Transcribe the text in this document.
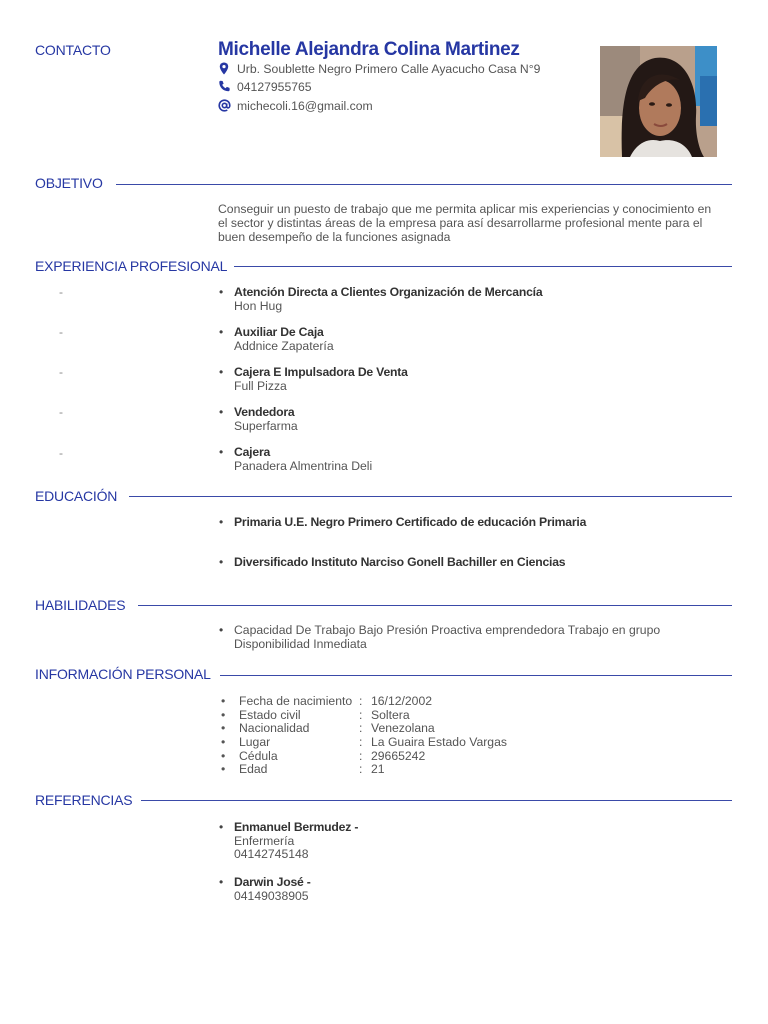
CONTACTO	Michelle Alejandra Colina Martinez
Urb. Soublette Negro Primero Calle Ayacucho Casa N°9
04127955765
michecoli.16@gmail.com
OBJETIVO
Conseguir un puesto de trabajo que me permita aplicar mis experiencias y conocimiento en
el sector y distintas áreas de la empresa para así desarrollarme profesional mente para el
buen desempeño de la funciones asignada
EXPERIENCIA PROFESIONAL
-	• Atención Directa a Clientes Organización de Mercancía
Hon Hug
-	• Auxiliar De Caja
Addnice Zapatería
-	• Cajera E Impulsadora De Venta
Full Pizza
-	• Vendedora
Superfarma
-	• Cajera
Panadera Almentrina Deli
EDUCACIÓN
• Primaria U.E. Negro Primero Certificado de educación Primaria
• Diversificado Instituto Narciso Gonell Bachiller en Ciencias
HABILIDADES
• Capacidad De Trabajo Bajo Presión Proactiva emprendedora Trabajo en grupo
Disponibilidad Inmediata
INFORMACIÓN PERSONAL
• Fecha de nacimiento : 16/12/2002
• Estado civil	: Soltera
• Nacionalidad	: Venezolana
• Lugar	: La Guaira Estado Vargas
• Cédula	: 29665242
• Edad	: 21
REFERENCIAS
• Enmanuel Bermudez -
Enfermería
04142745148
• Darwin José -
04149038905
